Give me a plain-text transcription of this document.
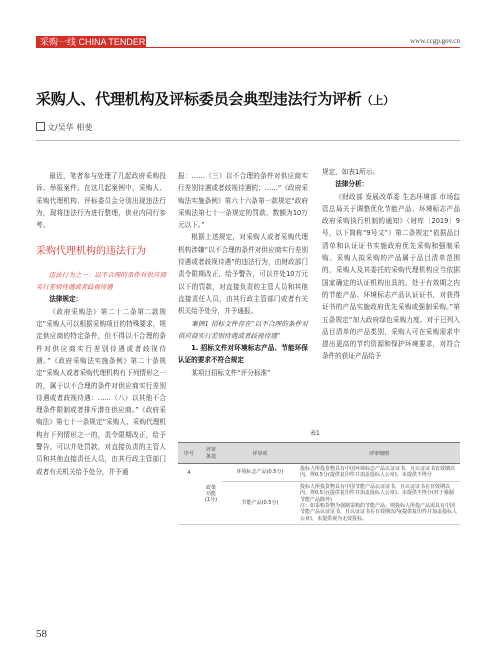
采购一线 CHINA TENDERING	www.ccgp.gov.cn
采购人、代理机构及评标委员会典型违法行为评析（上）
文/吴华 相斐

最近，笔者参与处理了几起政府采购投诉、举报案件。在这几起案例中，采购人、采购代理机构、评标委员会分别出现违法行为，现将违法行为进行整理，供业内同行参考。

采购代理机构的违法行为

违法行为之一：以不合理的条件对供应商实行差别待遇或者歧视待遇

法律规定：

《政府采购法》第二十二条第二款规定“采购人可以根据采购项目的特殊要求，规定供应商的特定条件，但不得以不合理的条件对供应商实行差别待遇或者歧视待遇。”《政府采购法实施条例》第二十条规定“采购人或者采购代理机构有下列情形之一的，属于以不合理的条件对供应商实行差别待遇或者歧视待遇：……（八）以其他不合理条件限制或者排斥潜在供应商。”《政府采购法》第七十一条规定“采购人、采购代理机构有下列情形之一的，责令限期改正，给予警告，可以并处罚款，对直接负责的主管人员和其他直接责任人员，由其行政主管部门或者有关机关给予处分，并予通

报：……（三）以不合理的条件对供应商实行差别待遇或者歧视待遇的；……”《政府采购法实施条例》第六十六条第一款规定“政府采购法第七十一条规定的罚款，数额为10万元以下。”

根据上述规定，对采购人或者采购代理机构涉嫌“以不合理的条件对供应商实行差别待遇或者歧视待遇”的违法行为，由财政部门责令限期改正，给予警告，可以并处10万元以下的罚款，对直接负责的主管人员和其他直接责任人员，由其行政主管部门或者有关机关给予处分，并予通报。

案例1 招标文件存在“以不合理的条件对供应商实行差别待遇或者歧视待遇”

1. 招标文件对环境标志产品、节能环保认证的要求不符合规定

某项目招标文件“评分标准”

规定，如表1所示。

法律分析：

《财政部 发展改革委 生态环境部 市场监管总局关于调整优化节能产品、环境标志产品政府采购执行机制的通知》（财库〔2019〕9号，以下简称“9号文”）第二条规定“依据品目清单和认证证书实施政府优先采购和强制采购。采购人拟采购的产品属于品目清单范围的，采购人及其委托的采购代理机构应当依据国家确定的认证机构出具的、处于有效期之内的节能产品、环境标志产品认证证书，对获得证书的产品实施政府优先采购或强制采购。”第五条规定“加大政府绿色采购力度。对于已列入品目清单的产品类别，采购人可在采购需求中提出更高的节约资源和保护环境要求，对符合条件的获证产品给予

表1
序号	评审
条款	评审项	评审细则
4	政策
功能
(1分)	环境标志产品(0.5分)	投标人所投货物具有中国环境标志产品认证证书，且认证证书有效期以内，得0.5分(提供复印件并加盖投标人公章)，未提供不得分
		节能产品(0.5分)	投标人所投货物具有中国节能产品认证证书，且认证证书在有效期以内，得0.5分(提供复印件并加盖投标人公章)；未提供不得分(对于强制节能产品除外)
注：如采购货物为强制采购的节能产品，则投标人所投产品需具有中国节能产品认证证书，且认证证书在有效期以内(提供复印件并加盖投标人公章)，未提供视为无效投标。
58
